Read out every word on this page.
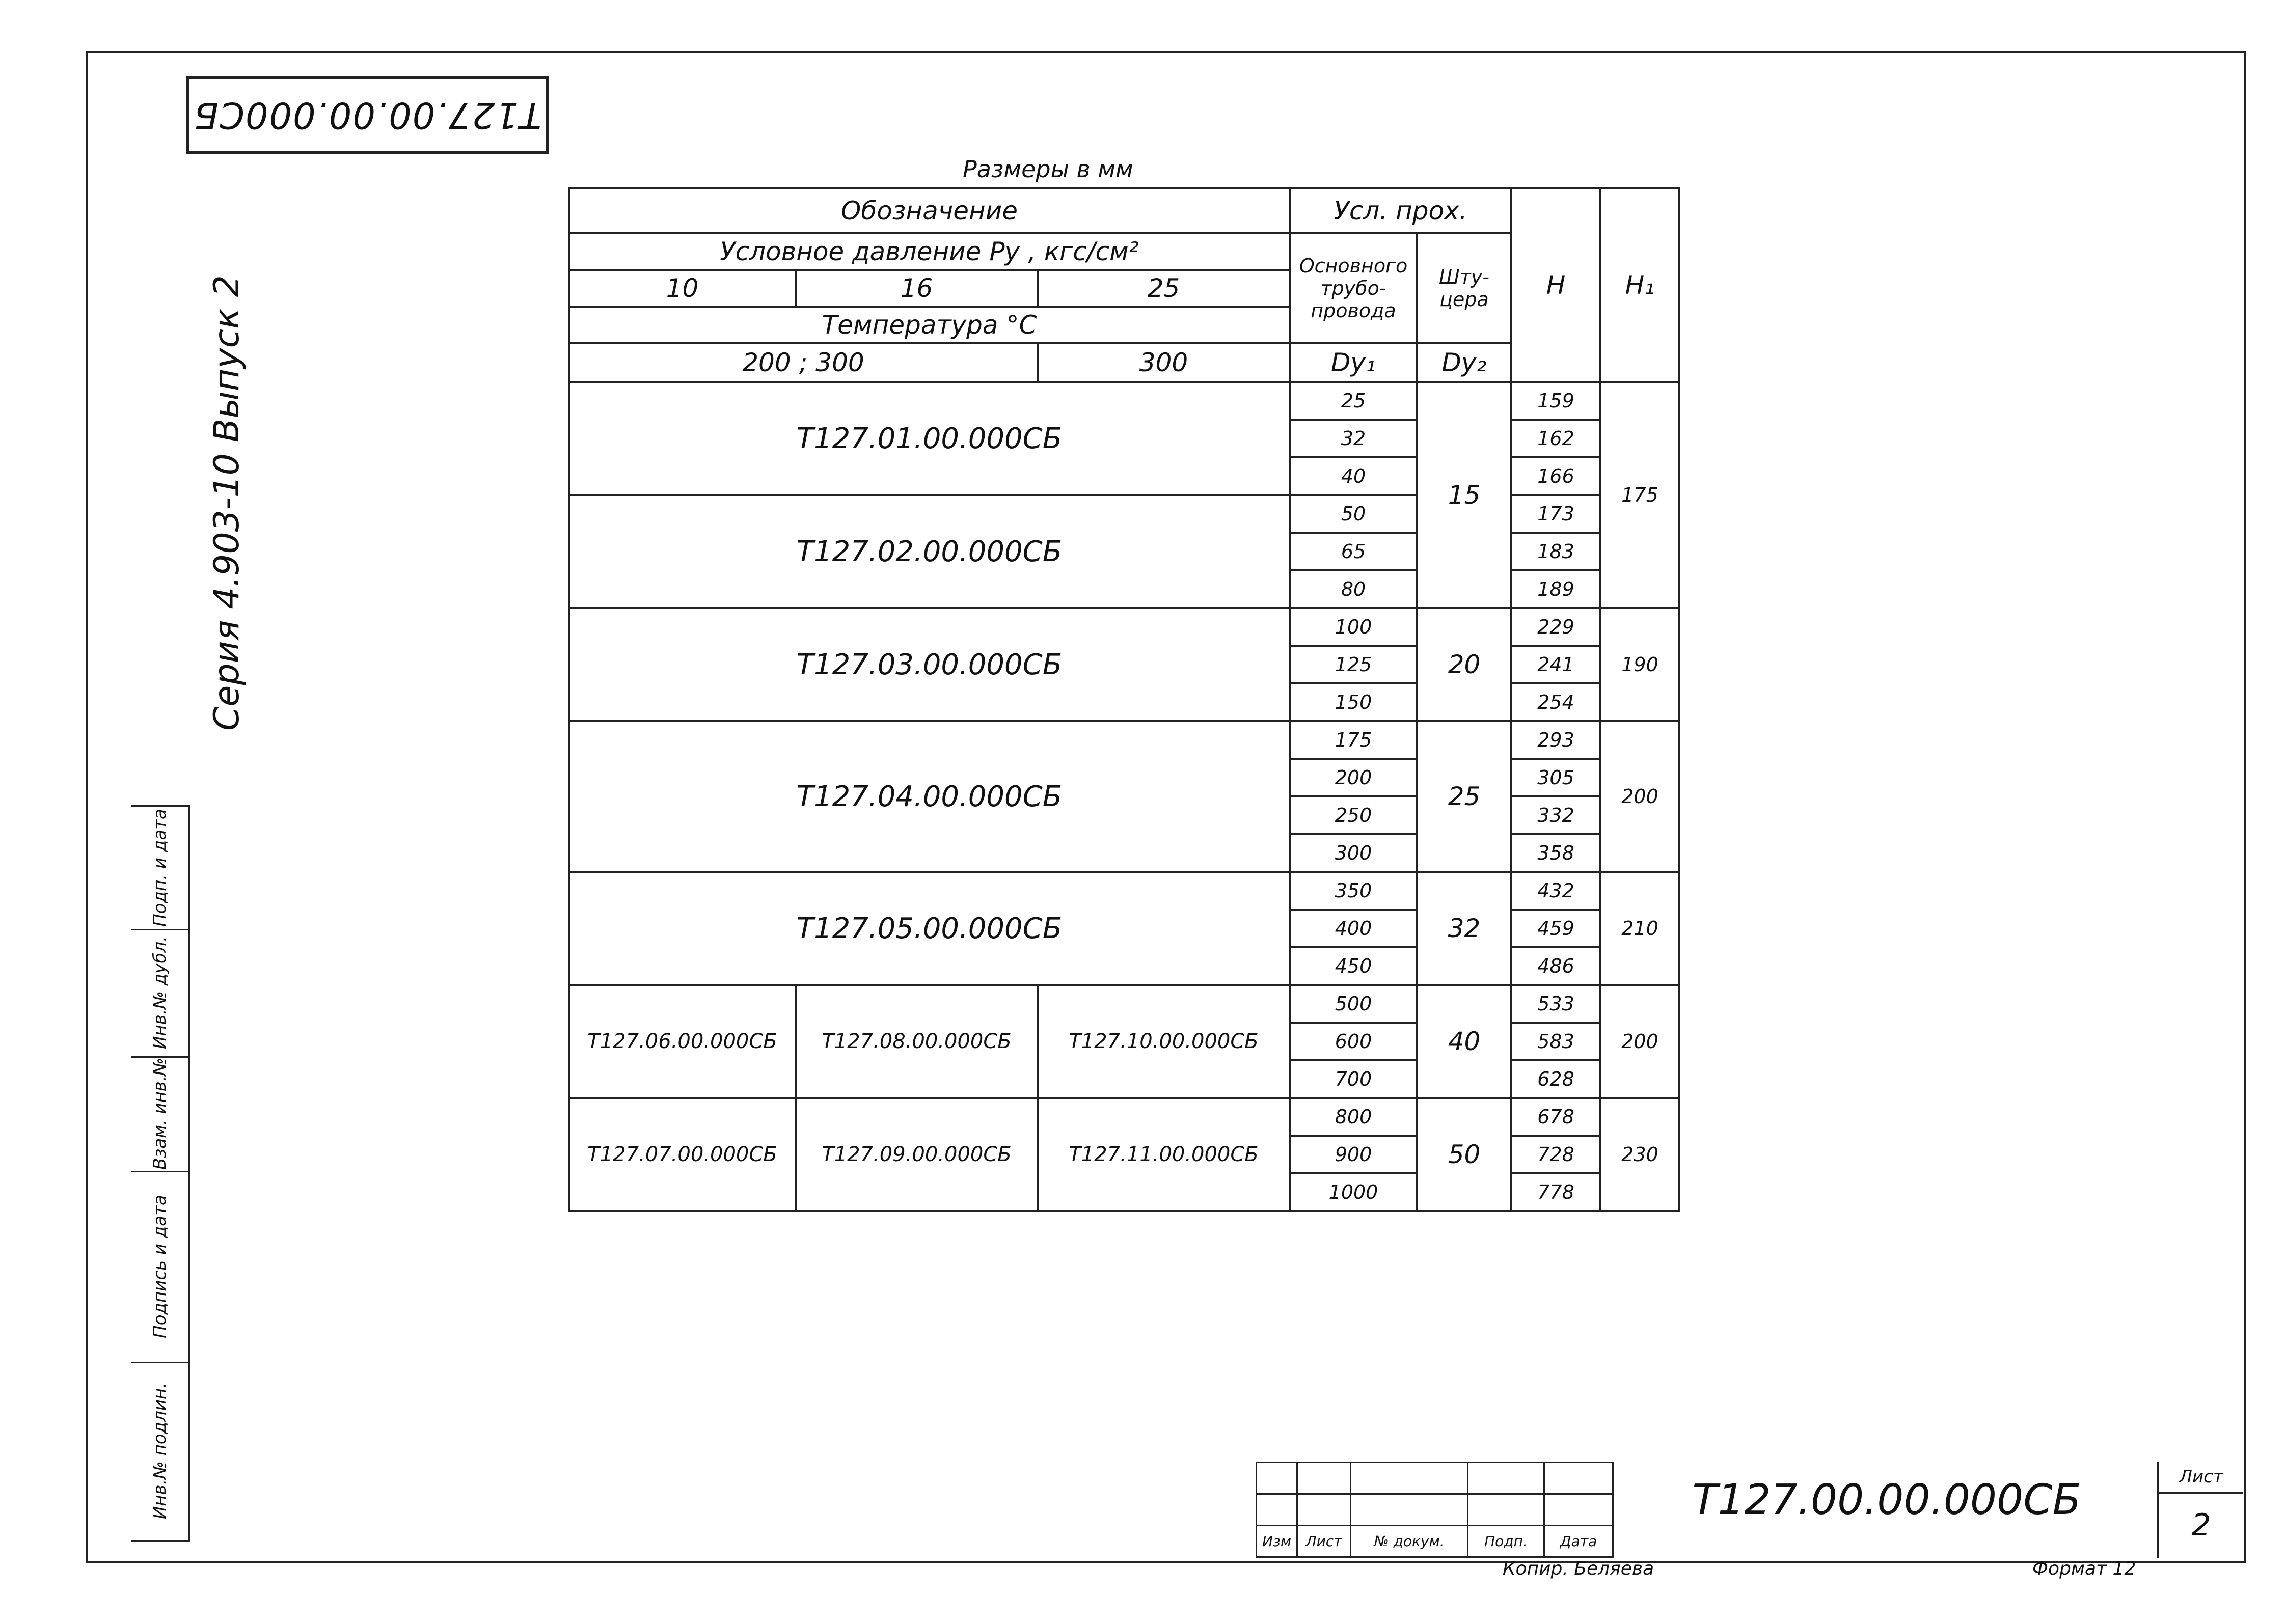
Т127.00.00.000СБ
Серия 4.903-10 Выпуск 2
Инв.№ подлин.
Подпись и дата
Взам. инв.№
Инв.№ дубл.
Подп. и дата
Размеры в мм
Обозначение			Усл. прох.		Н	Н₁
Условное давление Ру , кгс/см²			Основного трубо- провода	Шту- цера		
10	16	25				
Температура °С						
200 ; 300		300	Dy₁	Dy₂		
Т127.01.00.000СБ			25	15	159	175
			32		162	
			40		166	
Т127.02.00.000СБ			50		173	
			65		183	
			80		189	
Т127.03.00.000СБ			100	20	229	190
			125		241	
			150		254	
Т127.04.00.000СБ			175	25	293	200
			200		305	
			250		332	
			300		358	
Т127.05.00.000СБ			350	32	432	210
			400		459	
			450		486	
Т127.06.00.000СБ	Т127.08.00.000СБ	Т127.10.00.000СБ	500	40	533	200
			600		583	
			700		628	
Т127.07.00.000СБ	Т127.09.00.000СБ	Т127.11.00.000СБ	800	50	678	230
			900		728	
			1000		778	

Изм	Лист	№ докум.	Подп.	Дата
Т127.00.00.000СБ	Лист
2
Копир. Беляева	Формат 12
